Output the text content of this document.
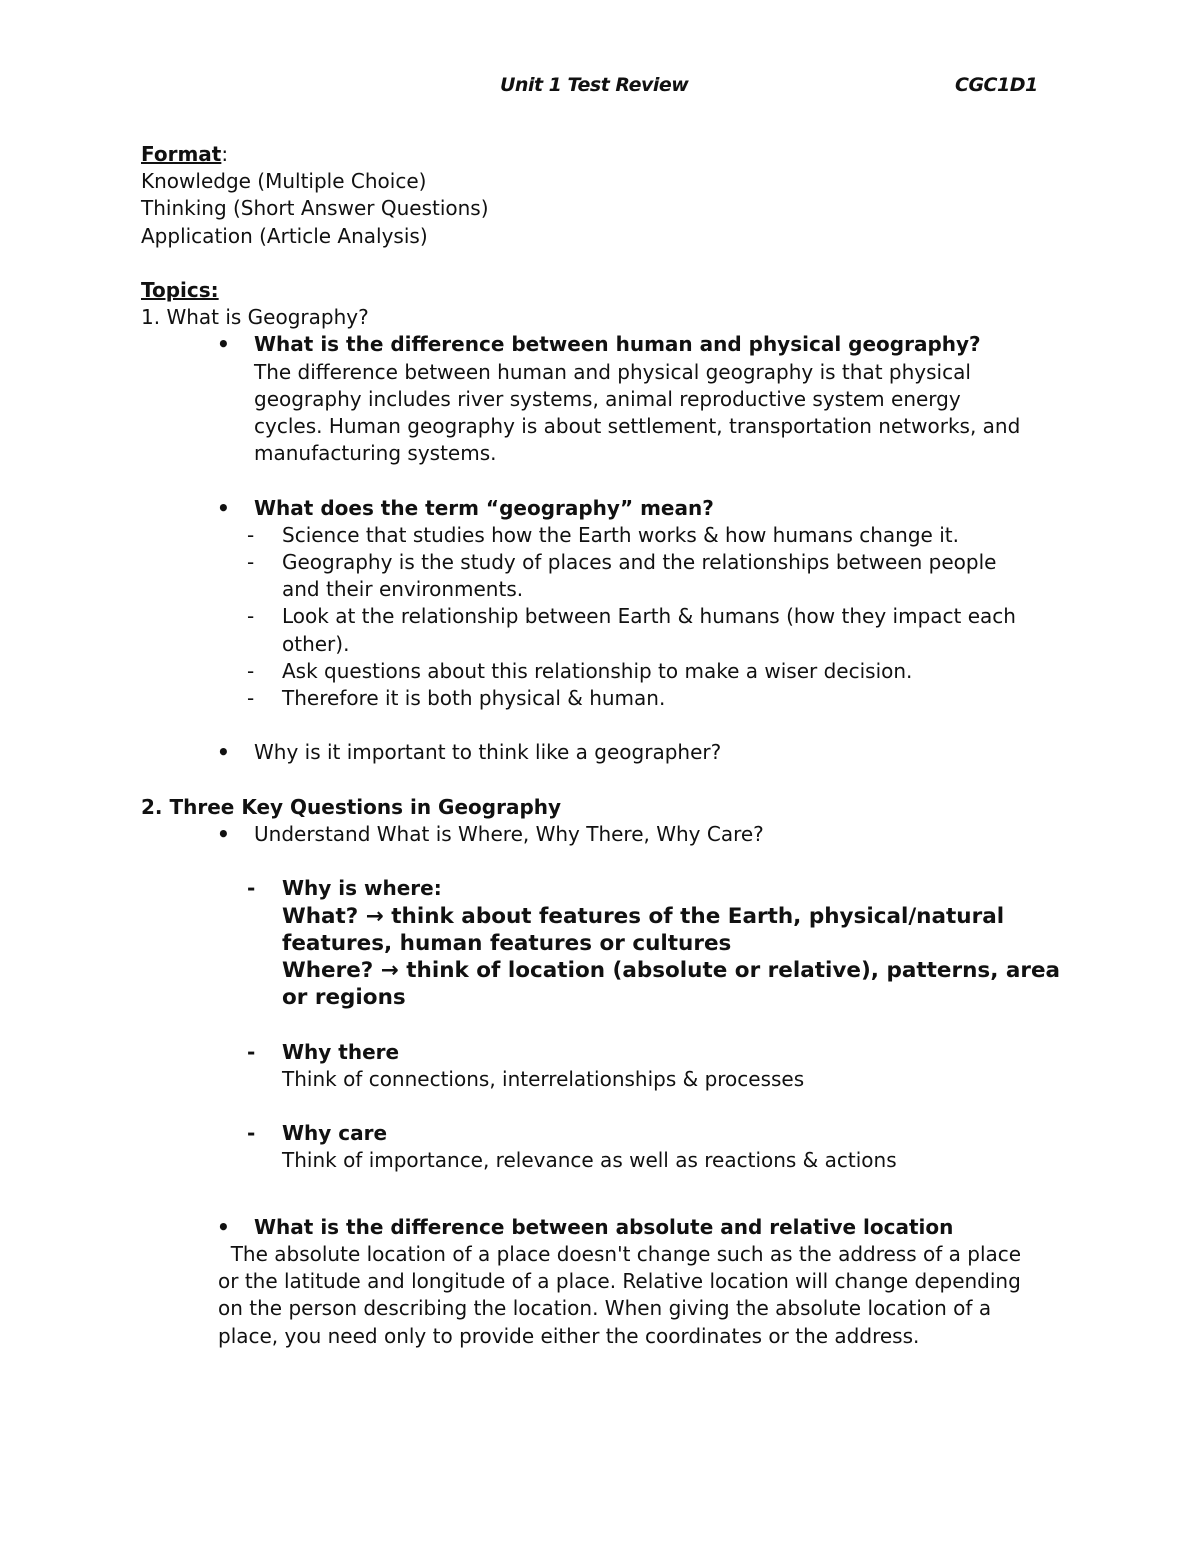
Unit 1 Test Review	CGC1D1
Format:
Knowledge (Multiple Choice)
Thinking (Short Answer Questions)
Application (Article Analysis)
Topics:
1. What is Geography?
• What is the difference between human and physical geography?
The difference between human and physical geography is that physical
geography includes river systems, animal reproductive system energy
cycles. Human geography is about settlement, transportation networks, and
manufacturing systems.
• What does the term “geography” mean?
- Science that studies how the Earth works & how humans change it.
- Geography is the study of places and the relationships between people
and their environments.
- Look at the relationship between Earth & humans (how they impact each
other).
- Ask questions about this relationship to make a wiser decision.
- Therefore it is both physical & human.
• Why is it important to think like a geographer?
2. Three Key Questions in Geography
• Understand What is Where, Why There, Why Care?
- Why is where:
What? → think about features of the Earth, physical/natural
features, human features or cultures
Where? → think of location (absolute or relative), patterns, area
or regions
- Why there
Think of connections, interrelationships & processes
- Why care
Think of importance, relevance as well as reactions & actions
• What is the difference between absolute and relative location
The absolute location of a place doesn't change such as the address of a place
or the latitude and longitude of a place. Relative location will change depending
on the person describing the location. When giving the absolute location of a
place, you need only to provide either the coordinates or the address.
